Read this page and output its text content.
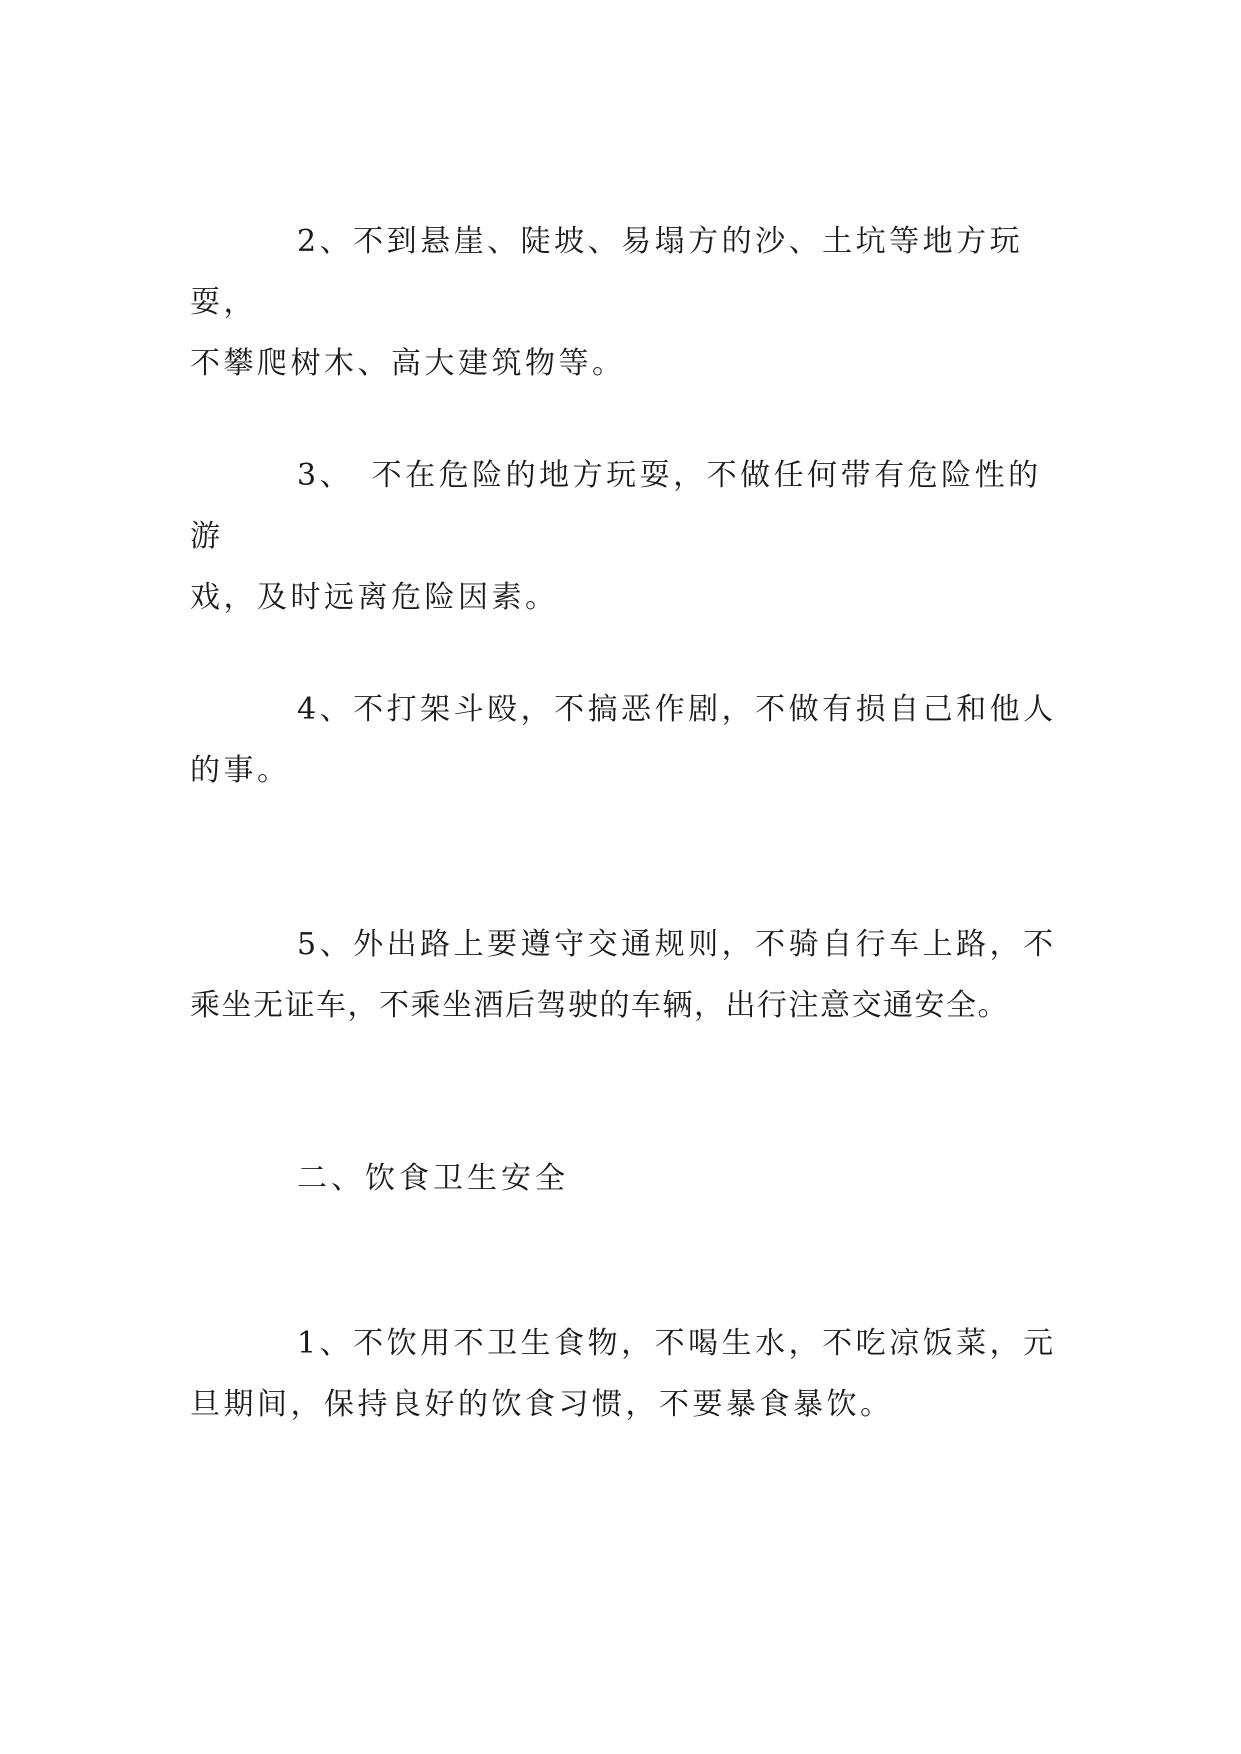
2、不到悬崖、陡坡、易塌方的沙、土坑等地方玩耍，
不攀爬树木、高大建筑物等。

3、　不在危险的地方玩耍，不做任何带有危险性的游
戏，及时远离危险因素。

4、不打架斗殴，不搞恶作剧，不做有损自己和他人
的事。

5、外出路上要遵守交通规则，不骑自行车上路，不
乘坐无证车，不乘坐酒后驾驶的车辆，出行注意交通安全。

二、饮食卫生安全

1、不饮用不卫生食物，不喝生水，不吃凉饭菜，元
旦期间，保持良好的饮食习惯，不要暴食暴饮。
